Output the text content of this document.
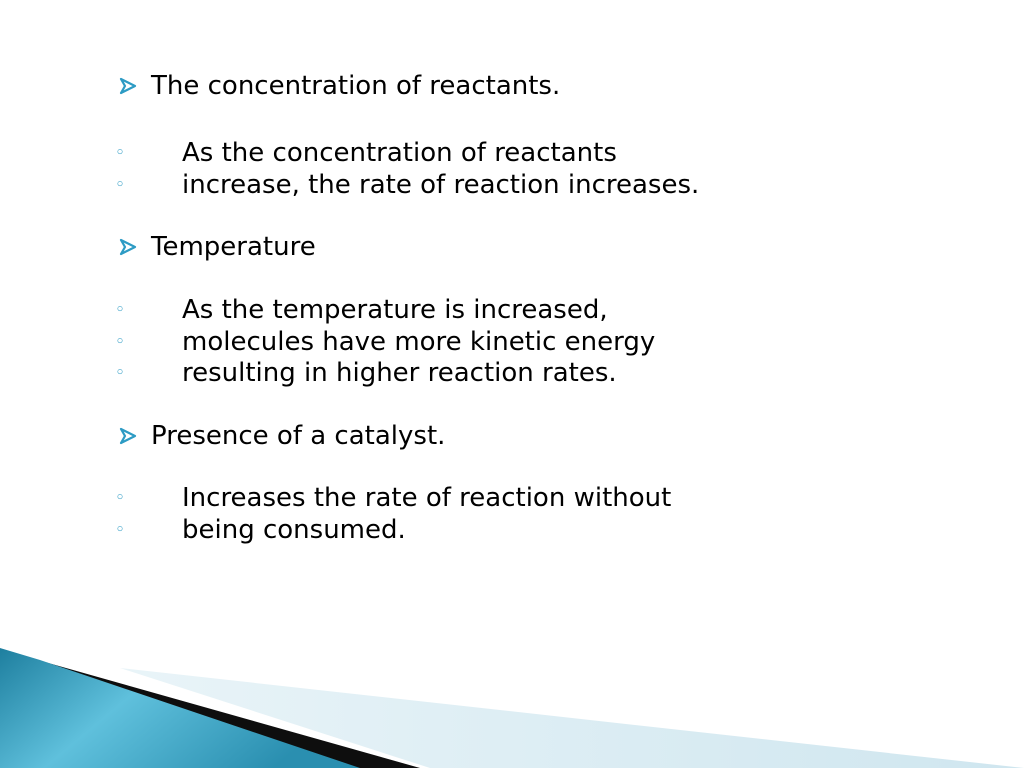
The concentration of reactants.
◦ As the concentration of reactants
◦ increase, the rate of reaction increases.
Temperature
◦ As the temperature is increased,
◦ molecules have more kinetic energy
◦ resulting in higher reaction rates.
Presence of a catalyst.
◦ Increases the rate of reaction without
◦ being consumed.
